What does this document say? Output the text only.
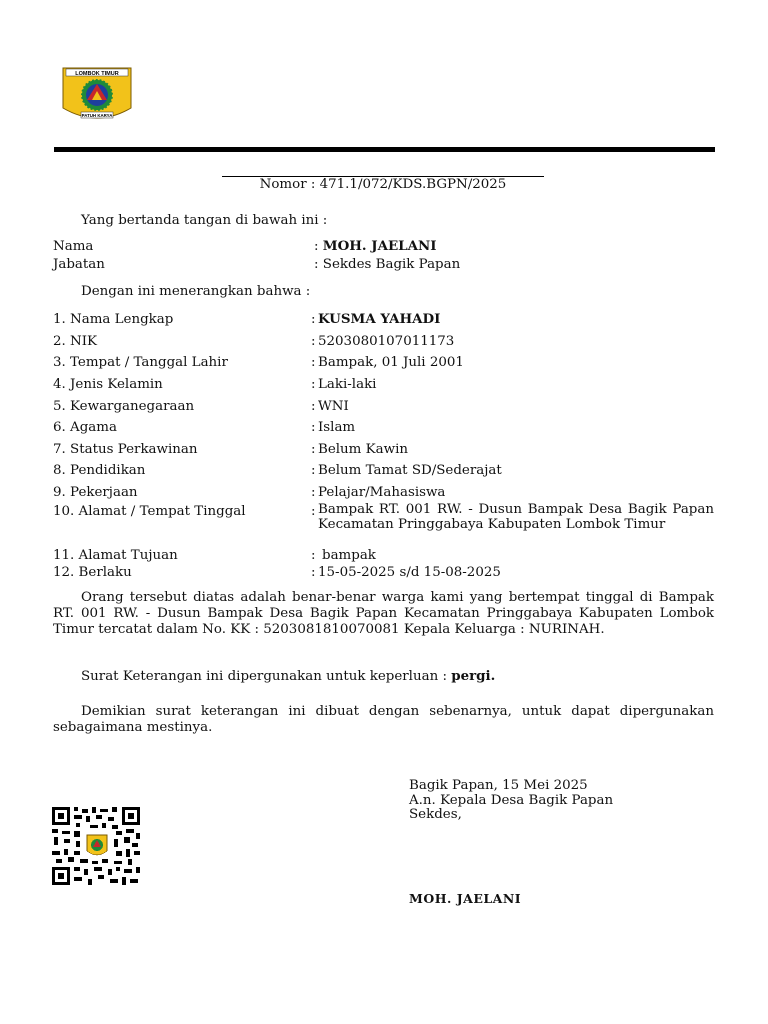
LOMBOK TIMUR
PATUH KARYA
Nomor : 471.1/072/KDS.BGPN/2025
Yang bertanda tangan di bawah ini :
Nama	: MOH. JAELANI
Jabatan	: Sekdes Bagik Papan
Dengan ini menerangkan bahwa :
1. Nama Lengkap	: KUSMA YAHADI
2. NIK	: 5203080107011173
3. Tempat / Tanggal Lahir	: Bampak, 01 Juli 2001
4. Jenis Kelamin	: Laki-laki
5. Kewarganegaraan	: WNI
6. Agama	: Islam
7. Status Perkawinan	: Belum Kawin
8. Pendidikan	: Belum Tamat SD/Sederajat
9. Pekerjaan	: Pelajar/Mahasiswa
10. Alamat / Tempat Tinggal	: Bampak RT. 001 RW. - Dusun Bampak Desa Bagik Papan Kecamatan Pringgabaya Kabupaten Lombok Timur
11. Alamat Tujuan	: bampak
12. Berlaku	: 15-05-2025 s/d 15-08-2025
Orang tersebut diatas adalah benar-benar warga kami yang bertempat tinggal di Bampak RT. 001 RW. - Dusun Bampak Desa Bagik Papan Kecamatan Pringgabaya Kabupaten Lombok Timur tercatat dalam No. KK : 5203081810070081 Kepala Keluarga : NURINAH.
Surat Keterangan ini dipergunakan untuk keperluan : pergi.
Demikian surat keterangan ini dibuat dengan sebenarnya, untuk dapat dipergunakan sebagaimana mestinya.
Bagik Papan, 15 Mei 2025
A.n. Kepala Desa Bagik Papan
Sekdes,
MOH. JAELANI
